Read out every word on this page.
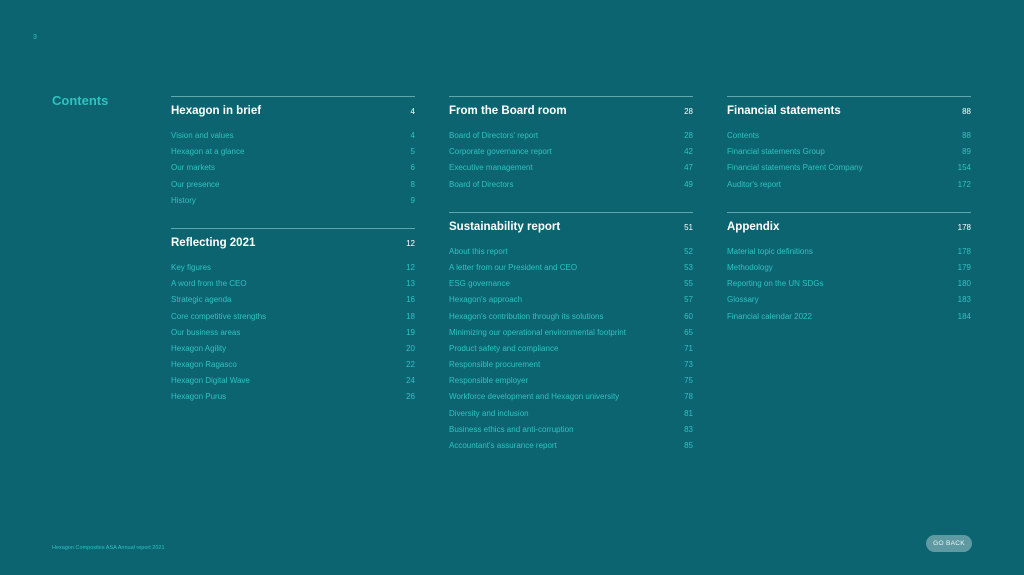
3
Contents
Hexagon in brief	4
Vision and values	4
Hexagon at a glance	5
Our markets	6
Our presence	8
History	9
Reflecting 2021	12
Key figures	12
A word from the CEO	13
Strategic agenda	16
Core competitive strengths	18
Our business areas	19
Hexagon Agility	20
Hexagon Ragasco	22
Hexagon Digital Wave	24
Hexagon Purus	26
From the Board room	28
Board of Directors' report	28
Corporate governance report	42
Executive management	47
Board of Directors	49
Sustainability report	51
About this report	52
A letter from our President and CEO	53
ESG governance	55
Hexagon's approach	57
Hexagon's contribution through its solutions	60
Minimizing our operational environmental footprint	65
Product safety and compliance	71
Responsible procurement	73
Responsible employer	75
Workforce development and Hexagon university	78
Diversity and inclusion	81
Business ethics and anti-corruption	83
Accountant's assurance report	85
Financial statements	88
Contents	88
Financial statements Group	89
Financial statements Parent Company	154
Auditor's report	172
Appendix	178
Material topic definitions	178
Methodology	179
Reporting on the UN SDGs	180
Glossary	183
Financial calendar 2022	184
Hexagon Composites ASA Annual report 2021
GO BACK
